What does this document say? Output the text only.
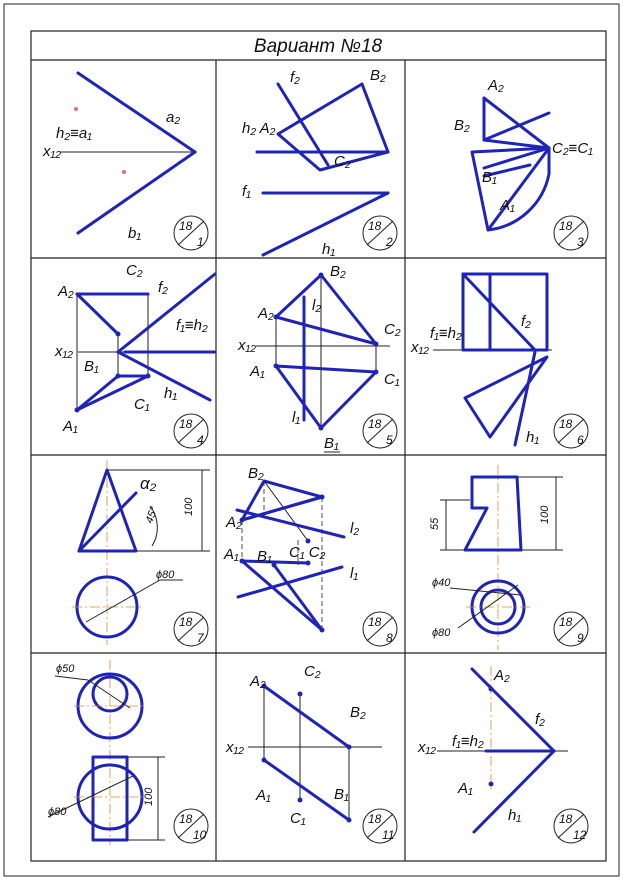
Вариант №18
a₂
h₂≡a₁
x₁₂
b₁
f₂	B₂
h₂ A₂
C₂
f₁
h₁
A₂
B₂
C₂≡C₁
B₁
A₁
C₂
A₂	f₂
f₁≡h₂
x₁₂
B₁
C₁
h₁
A₁
B₂
l₂
A₂
C₂
x₁₂
A₁	C₁
l₁
B₁
f₁≡h₂
x₁₂
f₂
h₁
α₂
100
45°
ϕ80
B₂
A₂	l₂
C₁ C₂
A₁ B₁
l₁
55	100
ϕ40
ϕ80
ϕ50
100
ϕ80
A₂
C₂
B₂
x₁₂
A₁	B₁
C₁
A₂
f₂
x₁₂ f₁≡h₂
A₁
h₁
18
1
18
2
18
3
18
4
18
5
18
6
18
7
18
8
18
9
18
10
18
11
18
12
